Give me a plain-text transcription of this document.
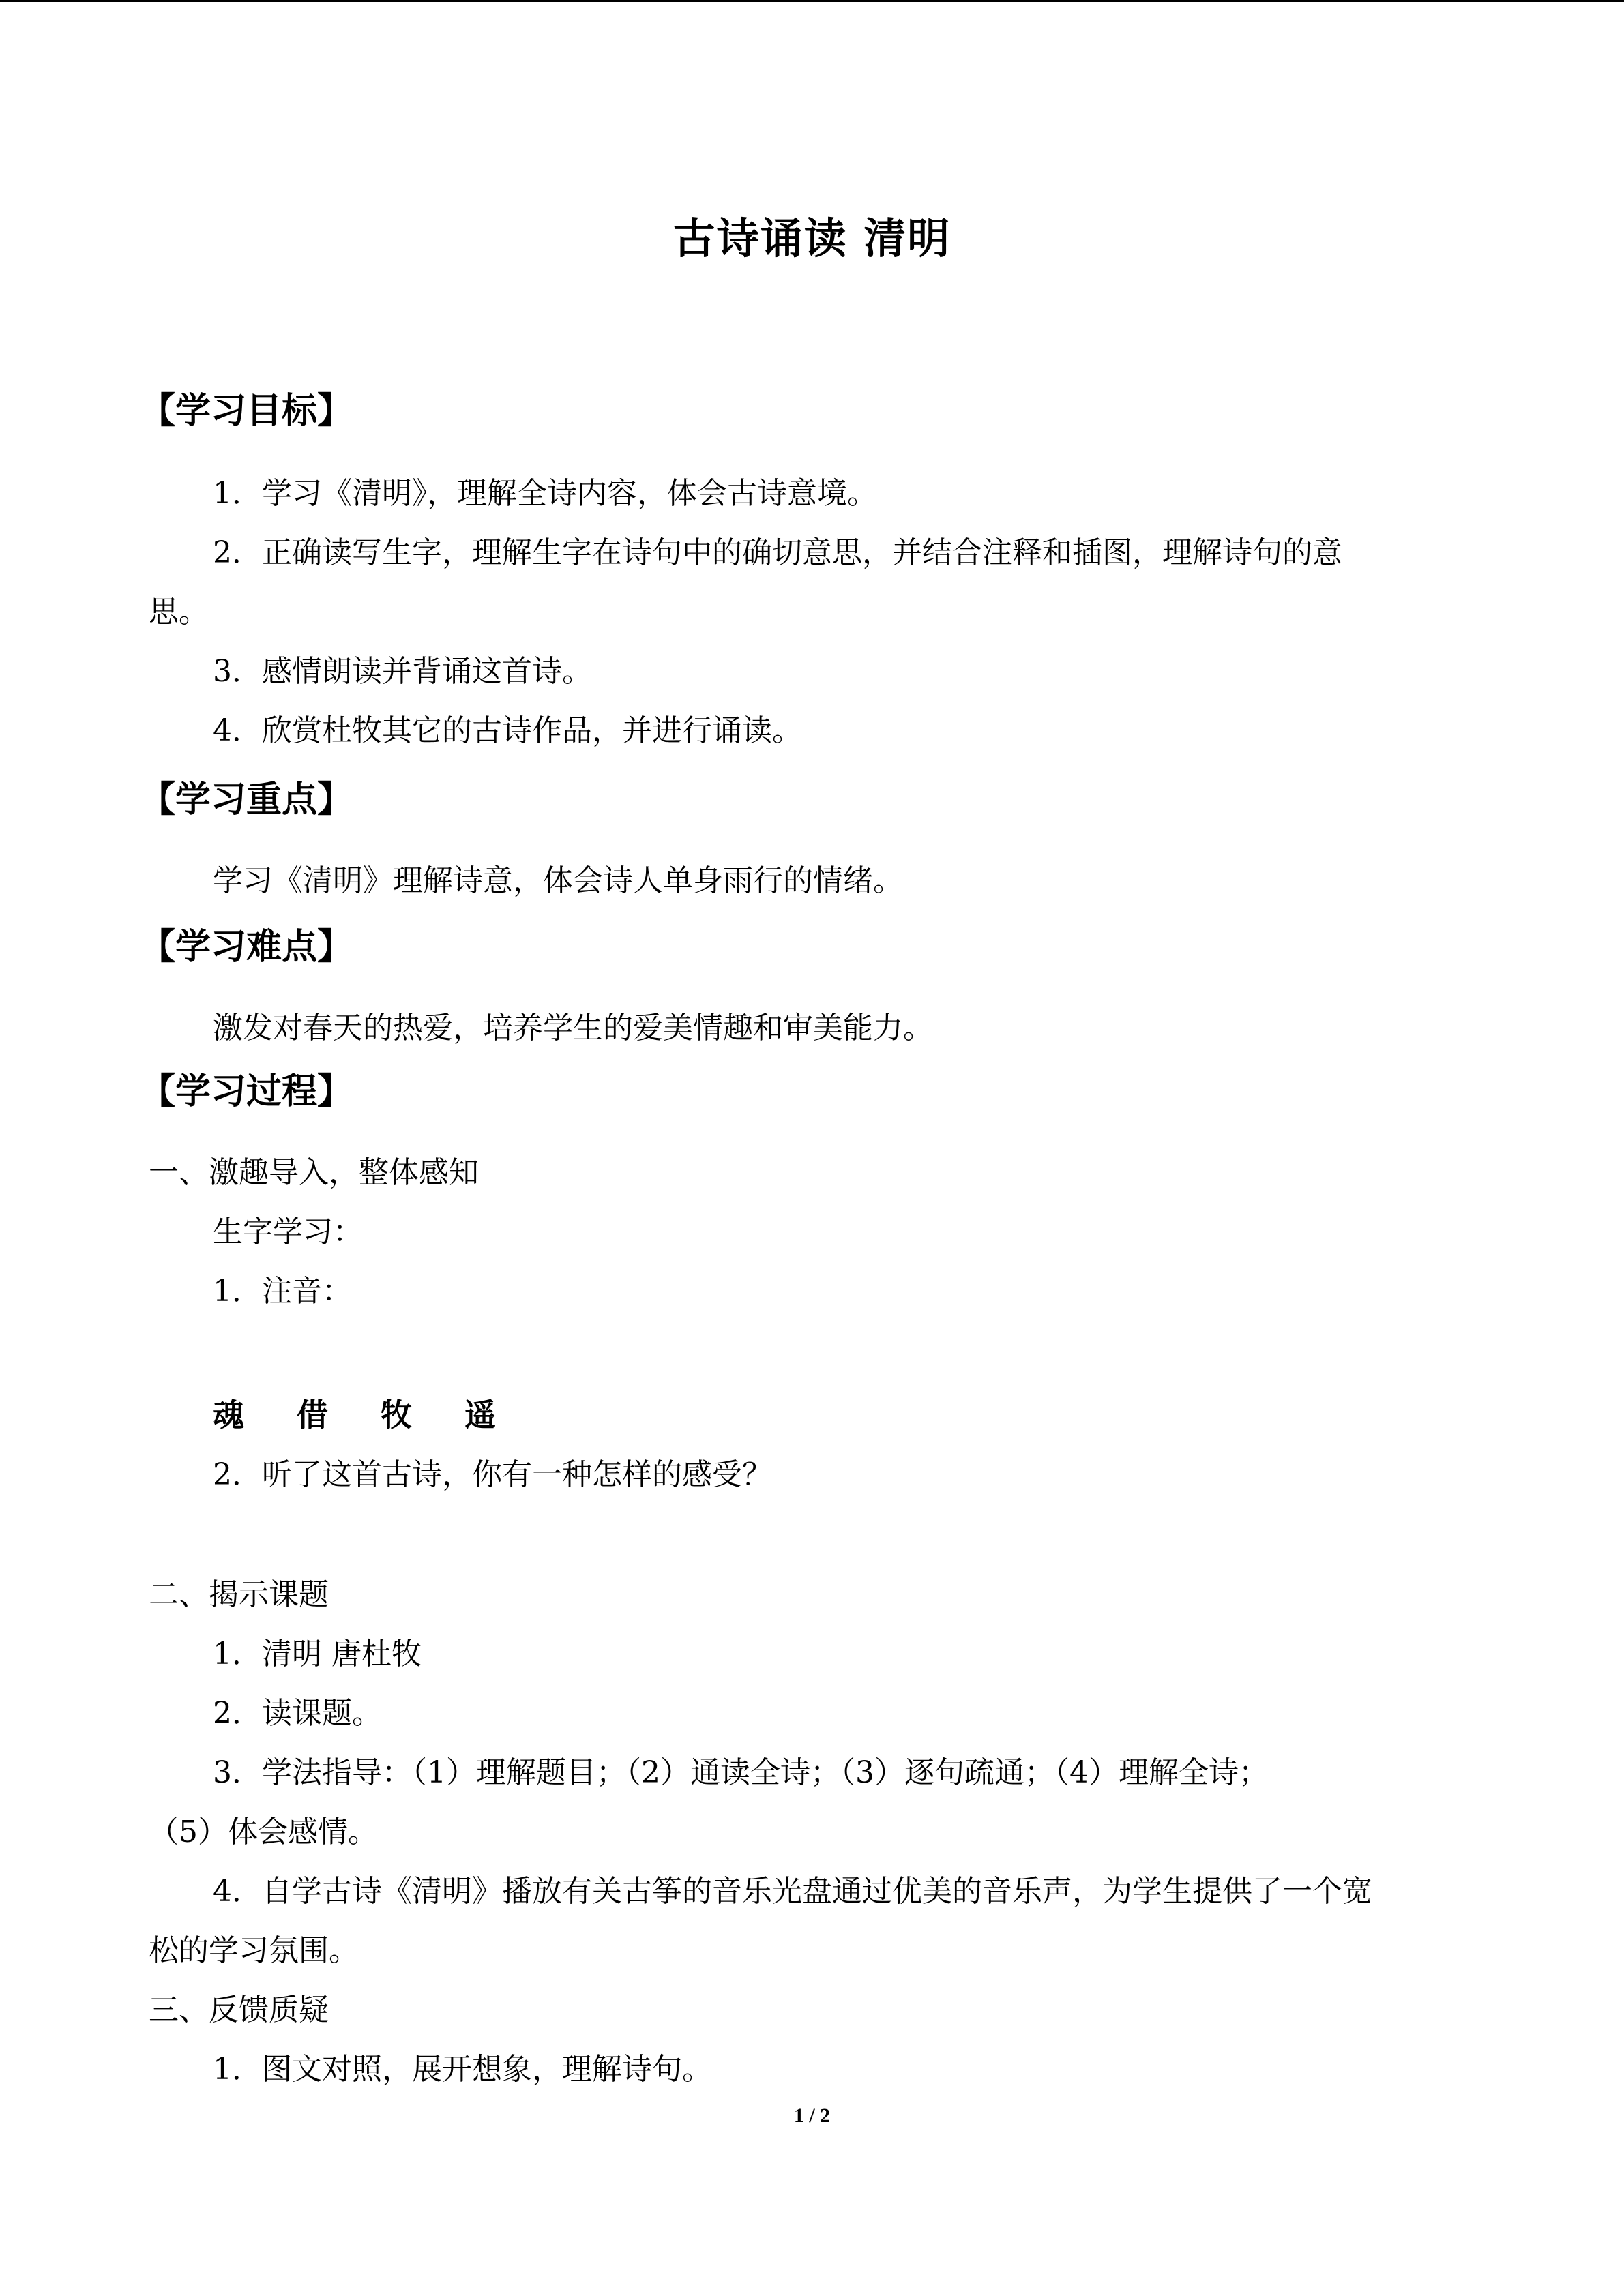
古诗诵读 清明
【学习目标】
1．学习《清明》，理解全诗内容，体会古诗意境。
2．正确读写生字，理解生字在诗句中的确切意思，并结合注释和插图，理解诗句的意
思。
3．感情朗读并背诵这首诗。
4．欣赏杜牧其它的古诗作品，并进行诵读。
【学习重点】
学习《清明》理解诗意，体会诗人单身雨行的情绪。
【学习难点】
激发对春天的热爱，培养学生的爱美情趣和审美能力。
【学习过程】
一、激趣导入，整体感知
生字学习：
1．注音：
魂 借 牧 遥
2．听了这首古诗，你有一种怎样的感受？
二、揭示课题
1．清明 唐杜牧
2．读课题。
3．学法指导：（1）理解题目；（2）通读全诗；（3）逐句疏通；（4）理解全诗；
（5）体会感情。
4．自学古诗《清明》播放有关古筝的音乐光盘通过优美的音乐声，为学生提供了一个宽
松的学习氛围。
三、反馈质疑
1．图文对照，展开想象，理解诗句。
1 / 2
